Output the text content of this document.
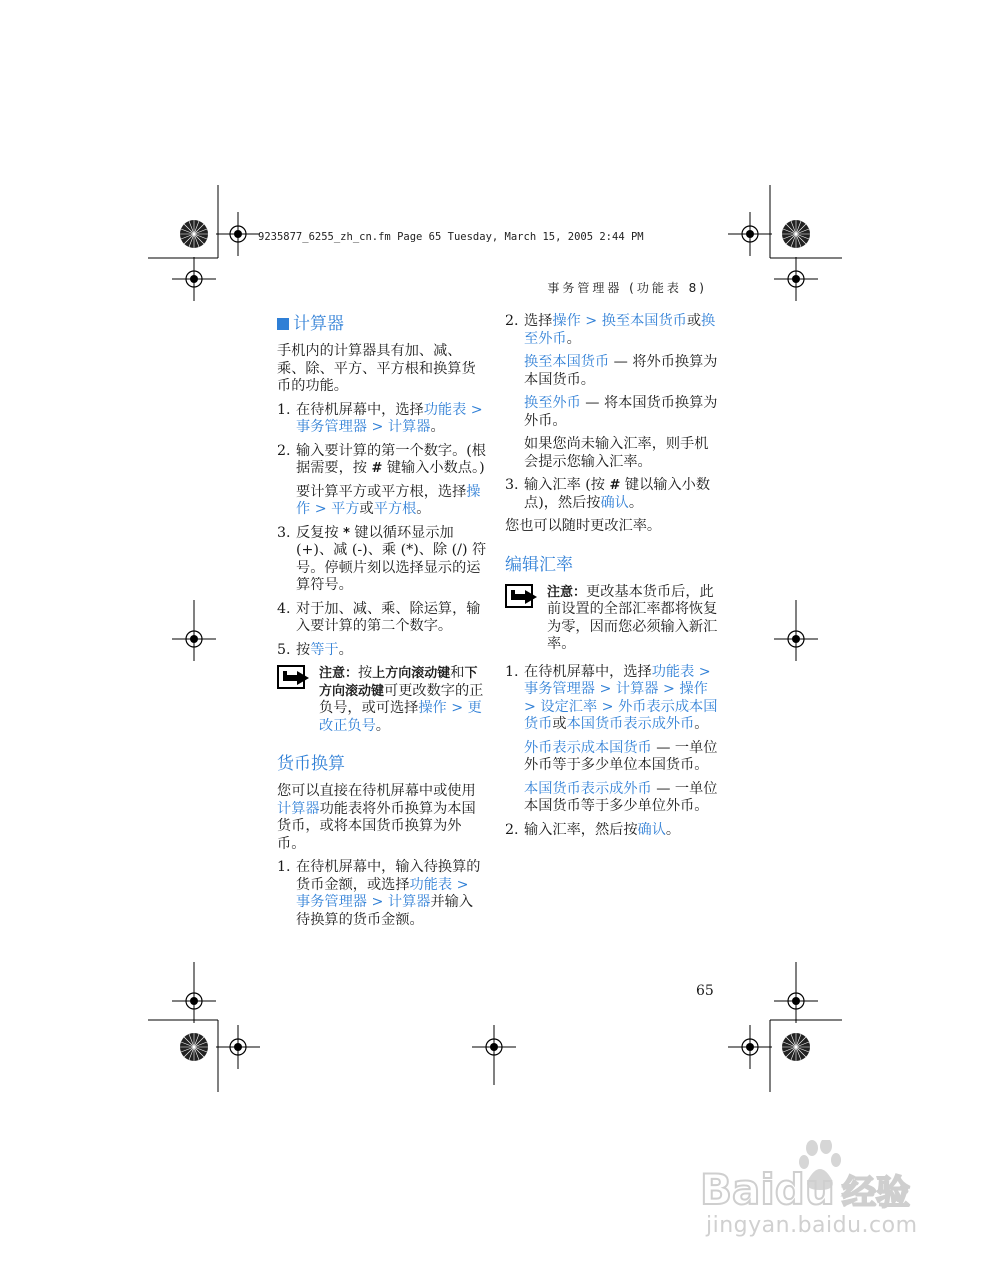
9235877_6255_zh_cn.fm Page 65 Tuesday, March 15, 2005 2:44 PM
事务管理器 (功能表 8)
计算器

手机内的计算器具有加、减、乘、除、平方、平方根和换算货币的功能。

1. 在待机屏幕中，选择功能表 > 事务管理器 > 计算器。
2. 输入要计算的第一个数字。(根据需要，按 # 键输入小数点。)

要计算平方或平方根，选择操作 > 平方或平方根。

3. 反复按 * 键以循环显示加 (+)、减 (-)、乘 (*)、除 (/) 符号。停顿片刻以选择显示的运算符号。
4. 对于加、减、乘、除运算，输入要计算的第二个数字。
5. 按等于。
注意：按上方向滚动键和下方向滚动键可更改数字的正负号，或可选择操作 > 更改正负号。
货币换算

您可以直接在待机屏幕中或使用计算器功能表将外币换算为本国货币，或将本国货币换算为外币。

1. 在待机屏幕中，输入待换算的货币金额，或选择功能表 > 事务管理器 > 计算器并输入待换算的货币金额。
2. 选择操作 > 换至本国货币或换至外币。

换至本国货币 — 将外币换算为本国货币。

换至外币 — 将本国货币换算为外币。

如果您尚未输入汇率，则手机会提示您输入汇率。

3. 输入汇率 (按 # 键以输入小数点)，然后按确认。

您也可以随时更改汇率。

编辑汇率
注意：更改基本货币后，此前设置的全部汇率都将恢复为零，因而您必须输入新汇率。
1. 在待机屏幕中，选择功能表 > 事务管理器 > 计算器 > 操作 > 设定汇率 > 外币表示成本国货币或本国货币表示成外币。

外币表示成本国货币 — 一单位外币等于多少单位本国货币。

本国货币表示成外币 — 一单位本国货币等于多少单位外币。

2. 输入汇率，然后按确认。
65
Baidu 经验
jingyan.baidu.com
